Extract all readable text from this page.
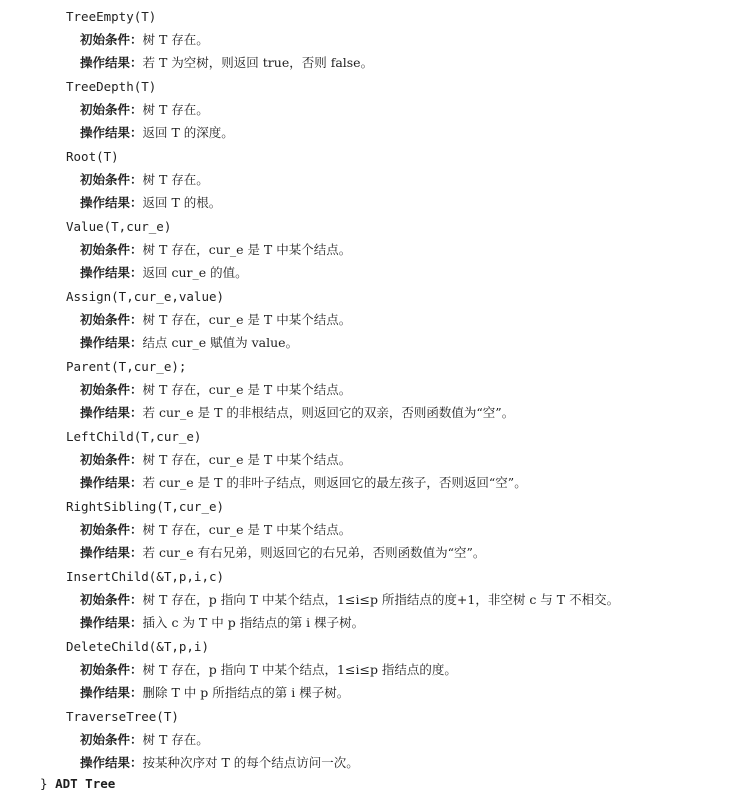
TreeEmpty(T)
初始条件：树 T 存在。
操作结果：若 T 为空树，则返回 true，否则 false。
TreeDepth(T)
初始条件：树 T 存在。
操作结果：返回 T 的深度。
Root(T)
初始条件：树 T 存在。
操作结果：返回 T 的根。
Value(T,cur_e)
初始条件：树 T 存在，cur_e 是 T 中某个结点。
操作结果：返回 cur_e 的值。
Assign(T,cur_e,value)
初始条件：树 T 存在，cur_e 是 T 中某个结点。
操作结果：结点 cur_e 赋值为 value。
Parent(T,cur_e);
初始条件：树 T 存在，cur_e 是 T 中某个结点。
操作结果：若 cur_e 是 T 的非根结点，则返回它的双亲，否则函数值为“空”。
LeftChild(T,cur_e)
初始条件：树 T 存在，cur_e 是 T 中某个结点。
操作结果：若 cur_e 是 T 的非叶子结点，则返回它的最左孩子，否则返回“空”。
RightSibling(T,cur_e)
初始条件：树 T 存在，cur_e 是 T 中某个结点。
操作结果：若 cur_e 有右兄弟，则返回它的右兄弟，否则函数值为“空”。
InsertChild(&T,p,i,c)
初始条件：树 T 存在，p 指向 T 中某个结点，1≤i≤p 所指结点的度+1，非空树 c 与 T 不相交。
操作结果：插入 c 为 T 中 p 指结点的第 i 棵子树。
DeleteChild(&T,p,i)
初始条件：树 T 存在，p 指向 T 中某个结点，1≤i≤p 指结点的度。
操作结果：删除 T 中 p 所指结点的第 i 棵子树。
TraverseTree(T)
初始条件：树 T 存在。
操作结果：按某种次序对 T 的每个结点访问一次。
} ADT Tree
